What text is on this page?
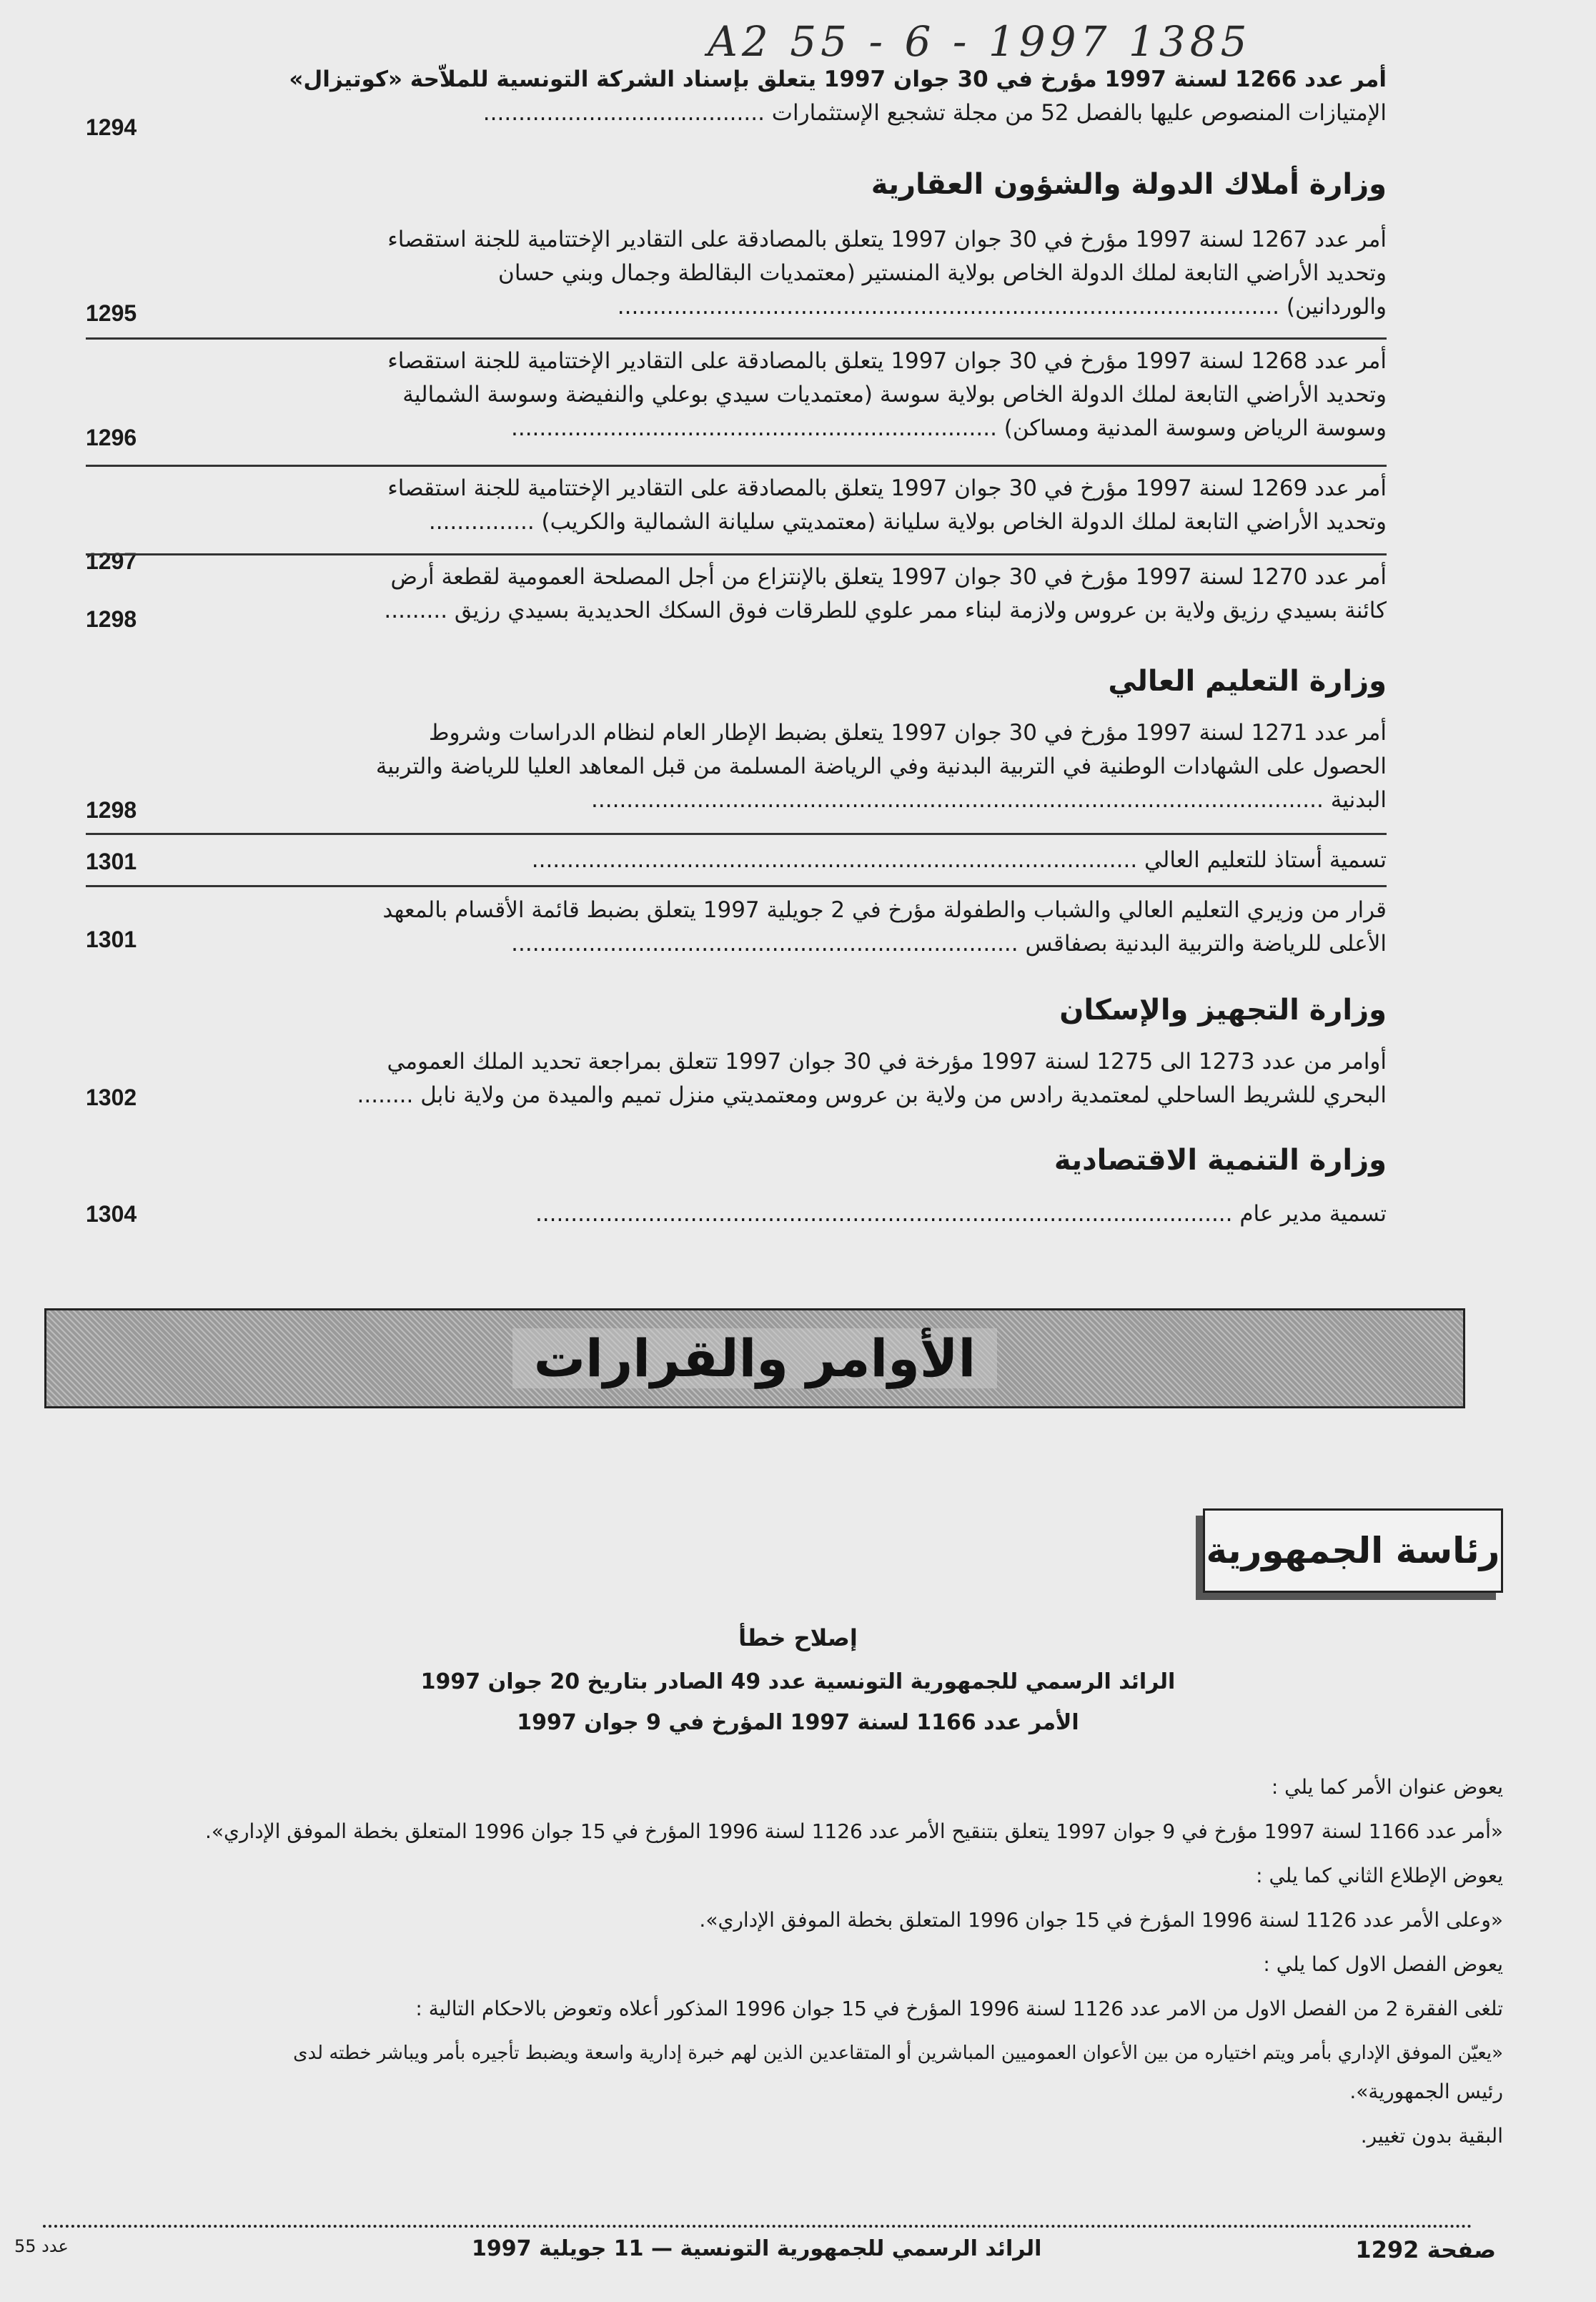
A2 55 - 6 - 1997 1385

أمر عدد 1266 لسنة 1997 مؤرخ في 30 جوان 1997 يتعلق بإسناد الشركة التونسية للملاّحة «كوتيزال»

الإمتيازات المنصوص عليها بالفصل 52 من مجلة تشجيع الإستثمارات ........................................

1294
وزارة أملاك الدولة والشؤون العقارية

أمر عدد 1267 لسنة 1997 مؤرخ في 30 جوان 1997 يتعلق بالمصادقة على التقادير الإختتامية للجنة استقصاء

وتحديد الأراضي التابعة لملك الدولة الخاص بولاية المنستير (معتمديات البقالطة وجمال وبني حسان

والوردانين) ..............................................................................................

1295

أمر عدد 1268 لسنة 1997 مؤرخ في 30 جوان 1997 يتعلق بالمصادقة على التقادير الإختتامية للجنة استقصاء

وتحديد الأراضي التابعة لملك الدولة الخاص بولاية سوسة (معتمديات سيدي بوعلي والنفيضة وسوسة الشمالية

وسوسة الرياض وسوسة المدنية ومساكن) .....................................................................

1296

أمر عدد 1269 لسنة 1997 مؤرخ في 30 جوان 1997 يتعلق بالمصادقة على التقادير الإختتامية للجنة استقصاء

وتحديد الأراضي التابعة لملك الدولة الخاص بولاية سليانة (معتمديتي سليانة الشمالية والكريب) ...............

1297

أمر عدد 1270 لسنة 1997 مؤرخ في 30 جوان 1997 يتعلق بالإنتزاع من أجل المصلحة العمومية لقطعة أرض

كائنة بسيدي رزيق ولاية بن عروس ولازمة لبناء ممر علوي للطرقات فوق السكك الحديدية بسيدي رزيق .........

1298
وزارة التعليم العالي

أمر عدد 1271 لسنة 1997 مؤرخ في 30 جوان 1997 يتعلق بضبط الإطار العام لنظام الدراسات وشروط

الحصول على الشهادات الوطنية في التربية البدنية وفي الرياضة المسلمة من قبل المعاهد العليا للرياضة والتربية

البدنية ........................................................................................................

1298

تسمية أستاذ للتعليم العالي ......................................................................................

1301

قرار من وزيري التعليم العالي والشباب والطفولة مؤرخ في 2 جويلية 1997 يتعلق بضبط قائمة الأقسام بالمعهد

الأعلى للرياضة والتربية البدنية بصفاقس ........................................................................

1301
وزارة التجهيز والإسكان

أوامر من عدد 1273 الى 1275 لسنة 1997 مؤرخة في 30 جوان 1997 تتعلق بمراجعة تحديد الملك العمومي

البحري للشريط الساحلي لمعتمدية رادس من ولاية بن عروس ومعتمديتي منزل تميم والميدة من ولاية نابل ........

1302
وزارة التنمية الاقتصادية

تسمية مدير عام ...................................................................................................

1304
الأوامر والقرارات
رئاسة الجمهورية
إصلاح خطأ
الرائد الرسمي للجمهورية التونسية عدد 49 الصادر بتاريخ 20 جوان 1997
الأمر عدد 1166 لسنة 1997 المؤرخ في 9 جوان 1997

يعوض عنوان الأمر كما يلي :

«أمر عدد 1166 لسنة 1997 مؤرخ في 9 جوان 1997 يتعلق بتنقيح الأمر عدد 1126 لسنة 1996 المؤرخ في 15 جوان 1996 المتعلق بخطة الموفق الإداري».

يعوض الإطلاع الثاني كما يلي :

«وعلى الأمر عدد 1126 لسنة 1996 المؤرخ في 15 جوان 1996 المتعلق بخطة الموفق الإداري».

يعوض الفصل الاول كما يلي :

تلغى الفقرة 2 من الفصل الاول من الامر عدد 1126 لسنة 1996 المؤرخ في 15 جوان 1996 المذكور أعلاه وتعوض بالاحكام التالية :

«يعيّن الموفق الإداري بأمر ويتم اختياره من بين الأعوان العموميين المباشرين أو المتقاعدين الذين لهم خبرة إدارية واسعة ويضبط تأجيره بأمر ويباشر خطته لدى

رئيس الجمهورية».

البقية بدون تغيير.

صفحة 1292
الرائد الرسمي للجمهورية التونسية — 11 جويلية 1997
عدد 55
